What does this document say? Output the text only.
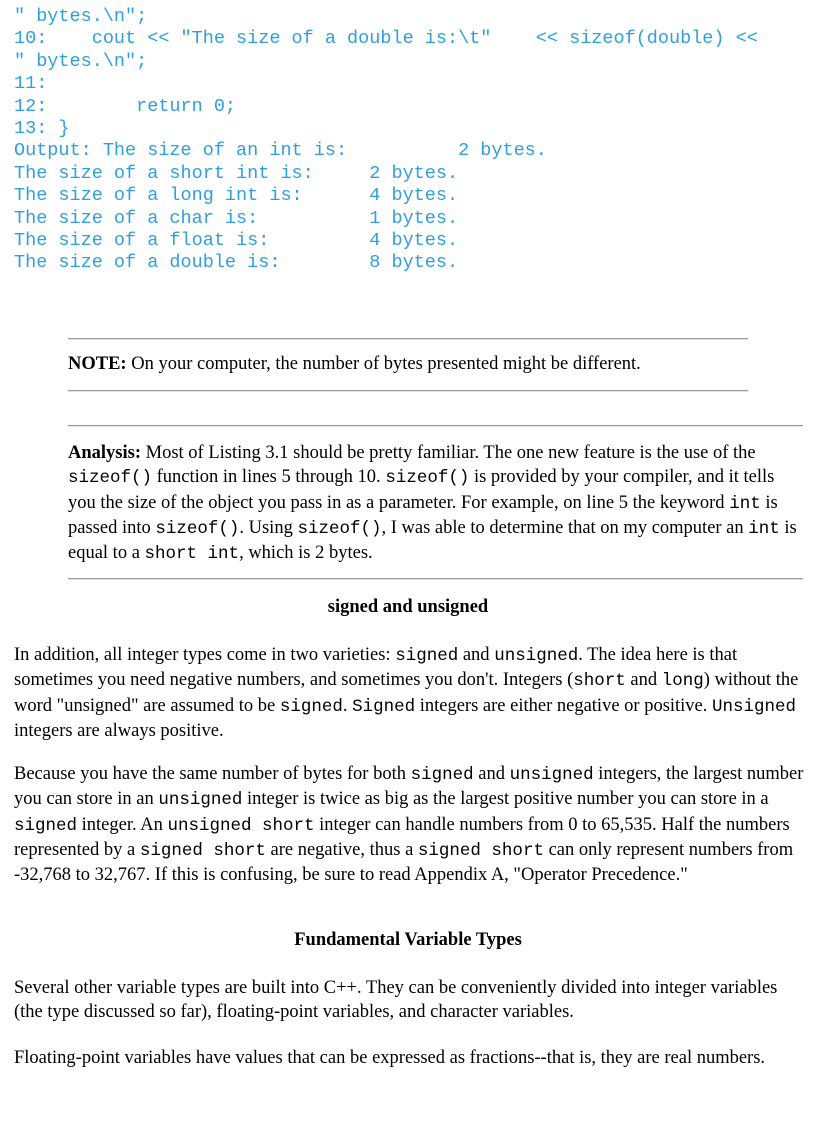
" bytes.\n";
10:    cout << "The size of a double is:\t"    << sizeof(double) <<
" bytes.\n";
11:
12:        return 0;
13: }
Output: The size of an int is:          2 bytes.
The size of a short int is:     2 bytes.
The size of a long int is:      4 bytes.
The size of a char is:          1 bytes.
The size of a float is:         4 bytes.
The size of a double is:        8 bytes.

NOTE: On your computer, the number of bytes presented might be different.

Analysis: Most of Listing 3.1 should be pretty familiar. The one new feature is the use of the sizeof() function in lines 5 through 10. sizeof() is provided by your compiler, and it tells you the size of the object you pass in as a parameter. For example, on line 5 the keyword int is passed into sizeof(). Using sizeof(), I was able to determine that on my computer an int is equal to a short int, which is 2 bytes.

signed and unsigned

In addition, all integer types come in two varieties: signed and unsigned. The idea here is that sometimes you need negative numbers, and sometimes you don't. Integers (short and long) without the word "unsigned" are assumed to be signed. Signed integers are either negative or positive. Unsigned integers are always positive.

Because you have the same number of bytes for both signed and unsigned integers, the largest number you can store in an unsigned integer is twice as big as the largest positive number you can store in a signed integer. An unsigned short integer can handle numbers from 0 to 65,535. Half the numbers represented by a signed short are negative, thus a signed short can only represent numbers from -32,768 to 32,767. If this is confusing, be sure to read Appendix A, "Operator Precedence."

Fundamental Variable Types

Several other variable types are built into C++. They can be conveniently divided into integer variables (the type discussed so far), floating-point variables, and character variables.

Floating-point variables have values that can be expressed as fractions--that is, they are real numbers.
